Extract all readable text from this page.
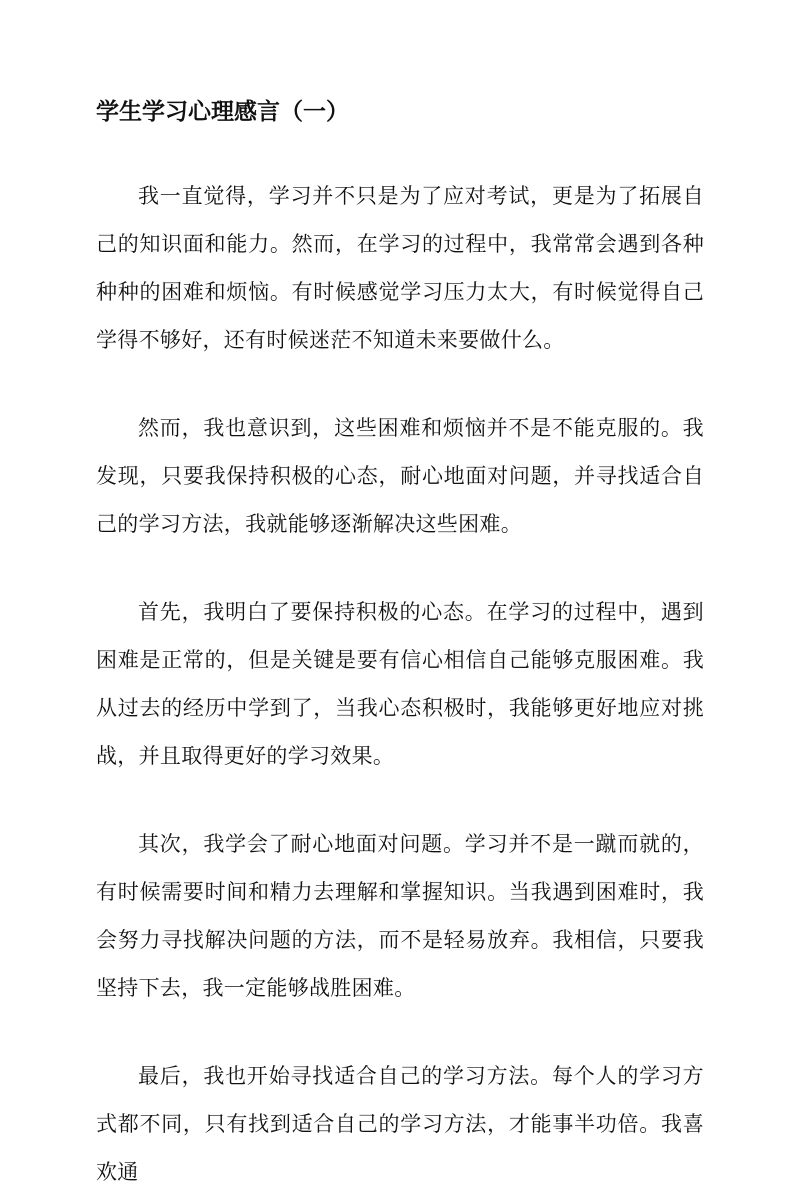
学生学习心理感言（一）

我一直觉得，学习并不只是为了应对考试，更是为了拓展自己的知识面和能力。然而，在学习的过程中，我常常会遇到各种种种的困难和烦恼。有时候感觉学习压力太大，有时候觉得自己学得不够好，还有时候迷茫不知道未来要做什么。

然而，我也意识到，这些困难和烦恼并不是不能克服的。我发现，只要我保持积极的心态，耐心地面对问题，并寻找适合自己的学习方法，我就能够逐渐解决这些困难。

首先，我明白了要保持积极的心态。在学习的过程中，遇到困难是正常的，但是关键是要有信心相信自己能够克服困难。我从过去的经历中学到了，当我心态积极时，我能够更好地应对挑战，并且取得更好的学习效果。

其次，我学会了耐心地面对问题。学习并不是一蹴而就的，有时候需要时间和精力去理解和掌握知识。当我遇到困难时，我会努力寻找解决问题的方法，而不是轻易放弃。我相信，只要我坚持下去，我一定能够战胜困难。

最后，我也开始寻找适合自己的学习方法。每个人的学习方式都不同，只有找到适合自己的学习方法，才能事半功倍。我喜欢通
